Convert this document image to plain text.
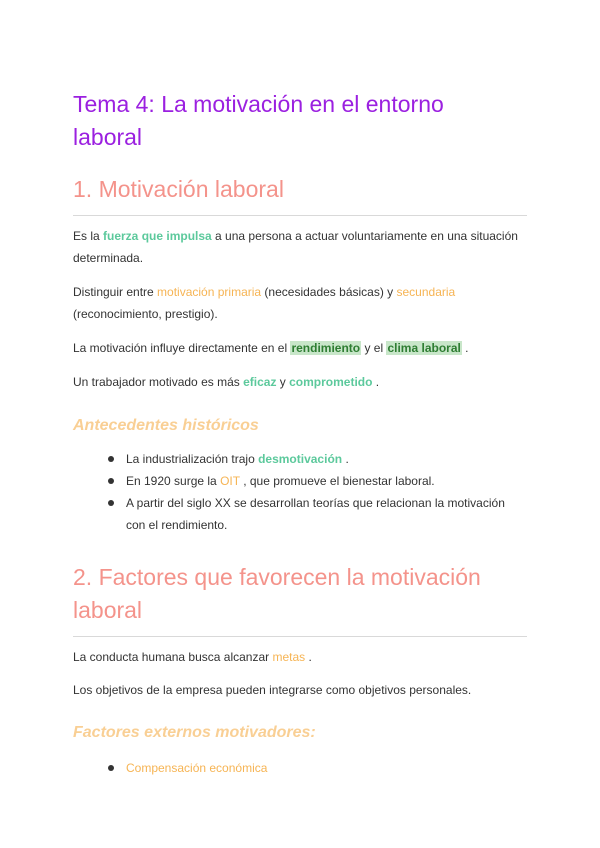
Tema 4: La motivación en el entorno laboral
1. Motivación laboral

Es la fuerza que impulsa a una persona a actuar voluntariamente en una situación determinada.

Distinguir entre motivación primaria (necesidades básicas) y secundaria (reconocimiento, prestigio).

La motivación influye directamente en el rendimiento y el clima laboral .

Un trabajador motivado es más eficaz y comprometido .

Antecedentes históricos

La industrialización trajo desmotivación .

En 1920 surge la OIT , que promueve el bienestar laboral.

A partir del siglo XX se desarrollan teorías que relacionan la motivación con el rendimiento.

2. Factores que favorecen la motivación laboral

La conducta humana busca alcanzar metas .

Los objetivos de la empresa pueden integrarse como objetivos personales.

Factores externos motivadores:

Compensación económica
